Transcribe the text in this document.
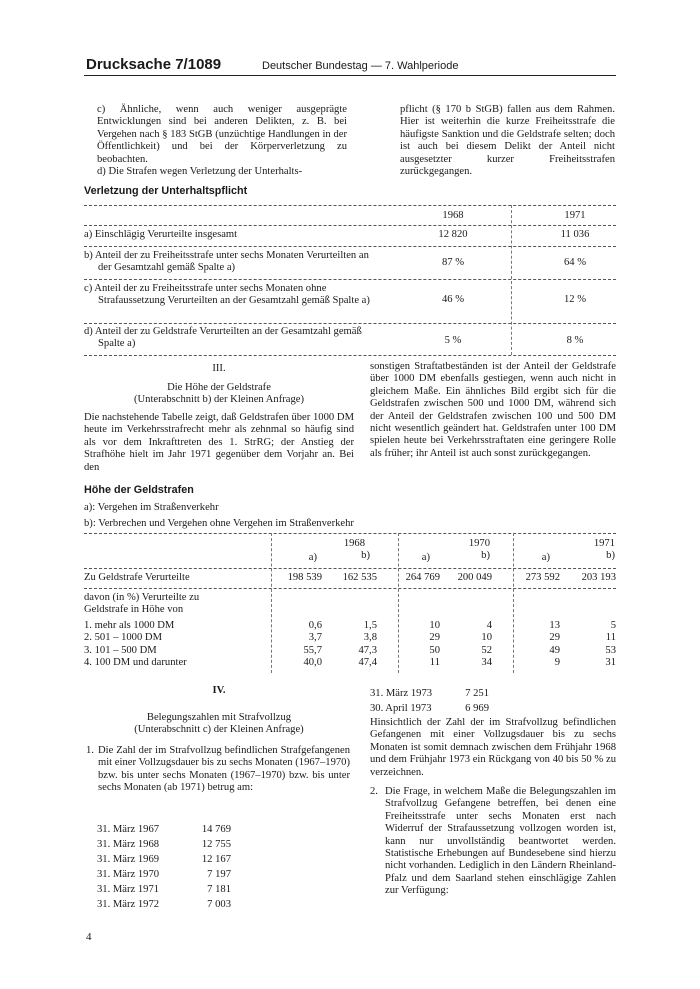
Drucksache 7/1089	Deutscher Bundestag — 7. Wahlperiode
c) Ähnliche, wenn auch weniger ausgeprägte Entwicklungen sind bei anderen Delikten, z. B. bei Vergehen nach § 183 StGB (unzüchtige Handlungen in der Öffentlichkeit) und bei der Körperverletzung zu beobachten.
d) Die Strafen wegen Verletzung der Unterhalts-
pflicht (§ 170 b StGB) fallen aus dem Rahmen. Hier ist weiterhin die kurze Freiheitsstrafe die häufigste Sanktion und die Geldstrafe selten; doch ist auch bei diesem Delikt der Anteil nicht ausgesetzter kurzer Freiheitsstrafen zurückgegangen.
Verletzung der Unterhaltspflicht
1968	1971
a) Einschlägig Verurteilte insgesamt	12 820	11 036
b) Anteil der zu Freiheitsstrafe unter sechs Monaten Verurteilten an der Gesamtzahl gemäß Spalte a)	87 %	64 %
c) Anteil der zu Freiheitsstrafe unter sechs Monaten ohne Strafaussetzung Verurteilten an der Gesamtzahl gemäß Spalte a)	46 %	12 %
d) Anteil der zu Geldstrafe Verurteilten an der Gesamtzahl gemäß Spalte a)	5 %	8 %
III.
Die Höhe der Geldstrafe
(Unterabschnitt b) der Kleinen Anfrage)
Die nachstehende Tabelle zeigt, daß Geldstrafen über 1000 DM heute im Verkehrsstrafrecht mehr als zehnmal so häufig sind als vor dem Inkrafttreten des 1. StrRG; der Anstieg der Strafhöhe hielt im Jahr 1971 gegenüber dem Vorjahr an. Bei den
sonstigen Straftatbeständen ist der Anteil der Geldstrafe über 1000 DM ebenfalls gestiegen, wenn auch nicht in gleichem Maße. Ein ähnliches Bild ergibt sich für die Geldstrafen zwischen 500 und 1000 DM, während sich der Anteil der Geldstrafen zwischen 100 und 500 DM nicht wesentlich geändert hat. Geldstrafen unter 100 DM spielen heute bei Verkehrsstraftaten eine geringere Rolle als früher; ihr Anteil ist auch sonst zurückgegangen.
Höhe der Geldstrafen
a): Vergehen im Straßenverkehr
b): Verbrechen und Vergehen ohne Vergehen im Straßenverkehr
1968	1970	1971
a)	b)	a)	b)	a)	b)
Zu Geldstrafe Verurteilte	198 539	162 535	264 769	200 049	273 592	203 193
davon (in %) Verurteilte zu
Geldstrafe in Höhe von
1. mehr als 1000 DM	0,6	1,5	10	4	13	5
2. 501 – 1000 DM	3,7	3,8	29	10	29	11
3. 101 – 500 DM	55,7	47,3	50	52	49	53
4. 100 DM und darunter	40,0	47,4	11	34	9	31
IV.
Belegungszahlen mit Strafvollzug
(Unterabschnitt c) der Kleinen Anfrage)
1. Die Zahl der im Strafvollzug befindlichen Strafgefangenen mit einer Vollzugsdauer bis zu sechs Monaten (1967–1970) bzw. bis unter sechs Monaten (1967–1970) bzw. bis unter sechs Monaten (ab 1971) betrug am:
31. März 1967	14 769
31. März 1968	12 755
31. März 1969	12 167
31. März 1970	7 197
31. März 1971	7 181
31. März 1972	7 003
31. März 1973	7 251
30. April 1973	6 969
Hinsichtlich der Zahl der im Strafvollzug befindlichen Gefangenen mit einer Vollzugsdauer bis zu sechs Monaten ist somit demnach zwischen dem Frühjahr 1968 und dem Frühjahr 1973 ein Rückgang von 40 bis 50 % zu verzeichnen.
2. Die Frage, in welchem Maße die Belegungszahlen im Strafvollzug Gefangene betreffen, bei denen eine Freiheitsstrafe unter sechs Monaten erst nach Widerruf der Strafaussetzung vollzogen worden ist, kann nur unvollständig beantwortet werden. Statistische Erhebungen auf Bundesebene sind hierzu nicht vorhanden. Lediglich in den Ländern Rheinland-Pfalz und dem Saarland stehen einschlägige Zahlen zur Verfügung:
4
